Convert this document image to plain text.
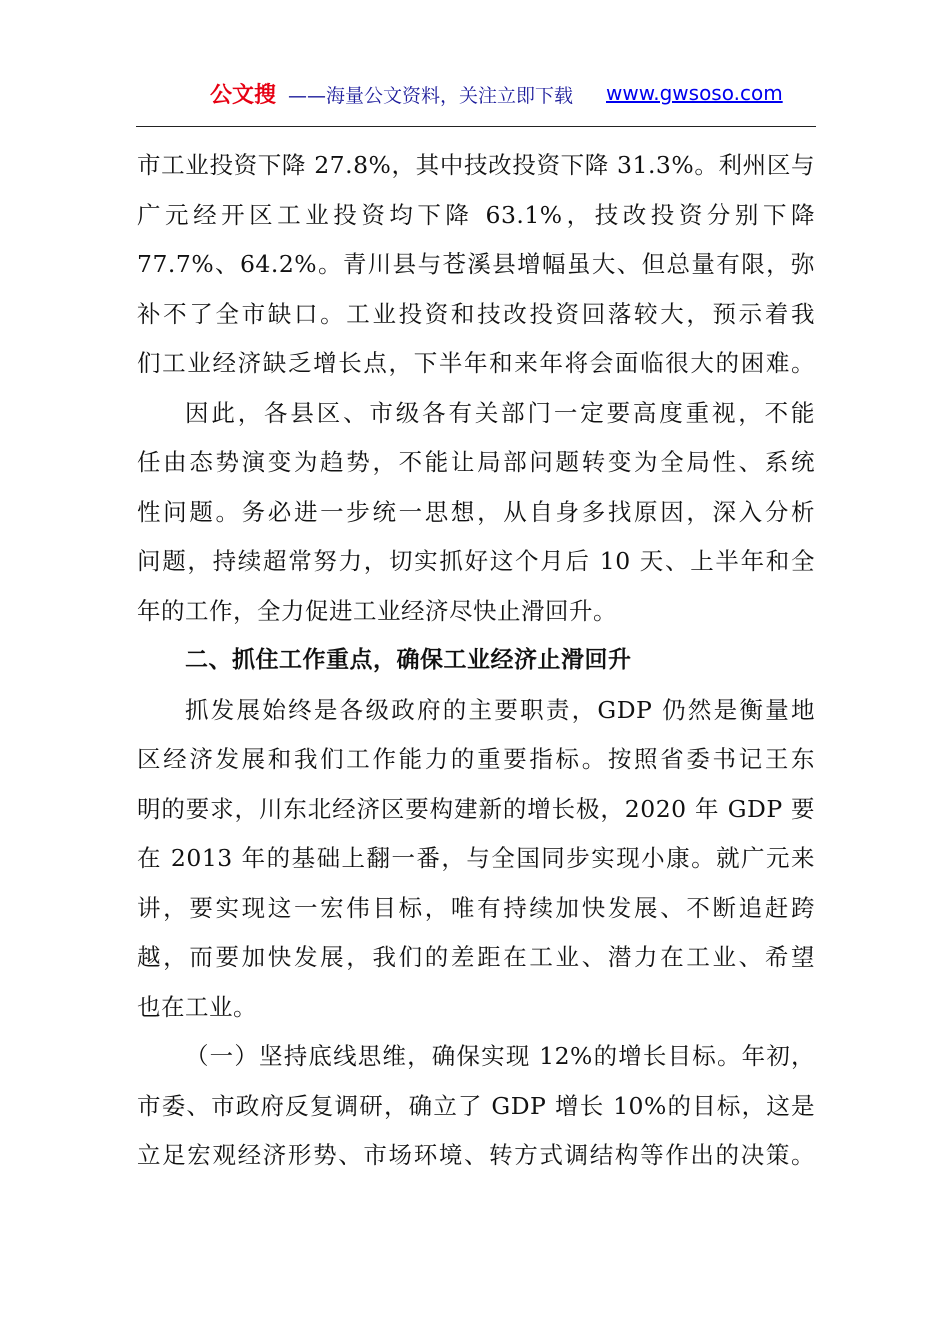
公文搜 ——海量公文资料，关注立即下载 www.gwsoso.com
市工业投资下降 27.8%，其中技改投资下降 31.3%。利州区与
广元经开区工业投资均下降 63.1%，技改投资分别下降
77.7%、64.2%。青川县与苍溪县增幅虽大、但总量有限，弥
补不了全市缺口。工业投资和技改投资回落较大，预示着我
们工业经济缺乏增长点，下半年和来年将会面临很大的困难。
因此，各县区、市级各有关部门一定要高度重视，不能
任由态势演变为趋势，不能让局部问题转变为全局性、系统
性问题。务必进一步统一思想，从自身多找原因，深入分析
问题，持续超常努力，切实抓好这个月后 10 天、上半年和全
年的工作，全力促进工业经济尽快止滑回升。
二、抓住工作重点，确保工业经济止滑回升
抓发展始终是各级政府的主要职责，GDP 仍然是衡量地
区经济发展和我们工作能力的重要指标。按照省委书记王东
明的要求，川东北经济区要构建新的增长极，2020 年 GDP 要
在 2013 年的基础上翻一番，与全国同步实现小康。就广元来
讲，要实现这一宏伟目标，唯有持续加快发展、不断追赶跨
越，而要加快发展，我们的差距在工业、潜力在工业、希望
也在工业。
（一）坚持底线思维，确保实现 12%的增长目标。年初，
市委、市政府反复调研，确立了 GDP 增长 10%的目标，这是
立足宏观经济形势、市场环境、转方式调结构等作出的决策。
